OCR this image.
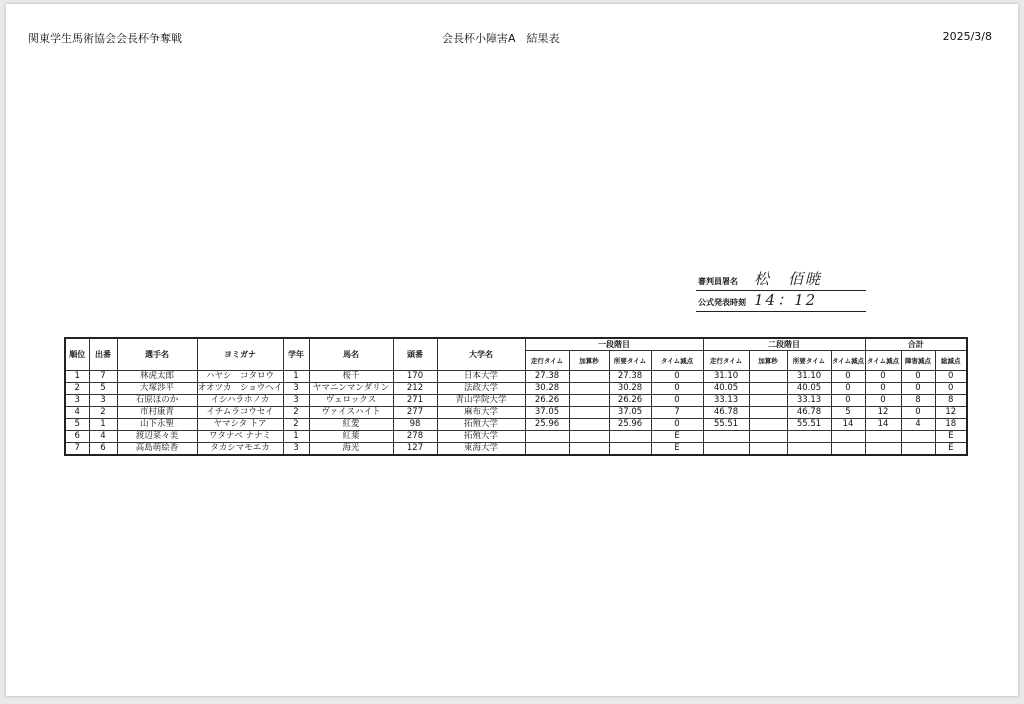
関東学生馬術協会会長杯争奪戦	会長杯小障害A　結果表	2025/3/8
審判員署名 松　佰暁
公式発表時刻 14：12
順位	出番	選手名	ヨミガナ	学年	馬名	頭番	大学名	一段階目				二段階目				合計		
								走行タイム	加算秒	所要タイム	タイム減点	走行タイム	加算秒	所要タイム	タイム減点	タイム減点	障害減点	総減点
1	7	林虎太郎	ハヤシ　コタロウ	1	桜千	170	日本大学	27.38		27.38	0	31.10		31.10	0	0	0	0
2	5	大塚渉平	オオツカ　ショウヘイ	3	ヤマニンマンダリン	212	法政大学	30.28		30.28	0	40.05		40.05	0	0	0	0
3	3	石原ほのか	イシハラホノカ	3	ヴェロックス	271	青山学院大学	26.26		26.26	0	33.13		33.13	0	0	8	8
4	2	市村康青	イチムラコウセイ	2	ヴァイスハイト	277	麻布大学	37.05		37.05	7	46.78		46.78	5	12	0	12
5	1	山下永聖	ヤマシタ トア	2	紅愛	98	拓殖大学	25.96		25.96	0	55.51		55.51	14	14	4	18
6	4	渡辺菜々美	ワタナベ ナナミ	1	紅葉	278	拓殖大学				E							E
7	6	高島萌絵香	タカシマモエカ	3	海光	127	東海大学				E							E
